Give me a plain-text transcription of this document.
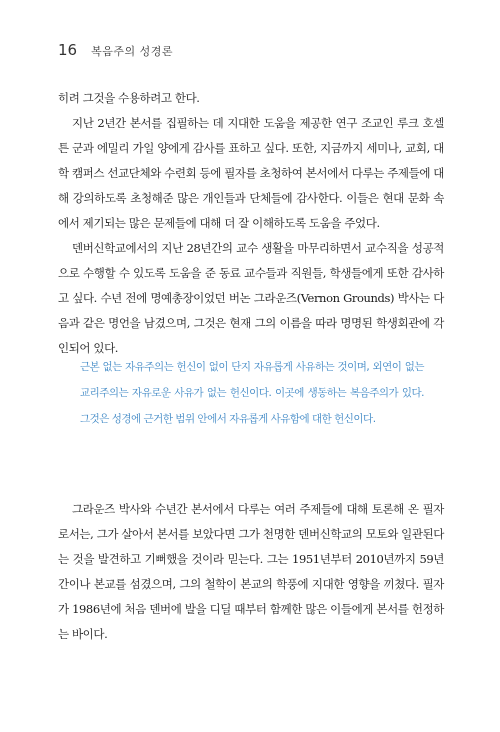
16 복음주의 성경론

히려 그것을 수용하려고 한다.

지난 2년간 본서를 집필하는 데 지대한 도움을 제공한 연구 조교인 루크 호셀튼 군과 에밀리 가일 양에게 감사를 표하고 싶다. 또한, 지금까지 세미나, 교회, 대학 캠퍼스 선교단체와 수련회 등에 필자를 초청하여 본서에서 다루는 주제들에 대해 강의하도록 초청해준 많은 개인들과 단체들에 감사한다. 이들은 현대 문화 속에서 제기되는 많은 문제들에 대해 더 잘 이해하도록 도움을 주었다.

덴버신학교에서의 지난 28년간의 교수 생활을 마무리하면서 교수직을 성공적으로 수행할 수 있도록 도움을 준 동료 교수들과 직원들, 학생들에게 또한 감사하고 싶다. 수년 전에 명예총장이었던 버논 그라운즈(Vernon Grounds) 박사는 다음과 같은 명언을 남겼으며, 그것은 현재 그의 이름을 따라 명명된 학생회관에 각인되어 있다.

근본 없는 자유주의는 헌신이 없이 단지 자유롭게 사유하는 것이며, 외연이 없는 교리주의는 자유로운 사유가 없는 헌신이다. 이곳에 생동하는 복음주의가 있다. 그것은 성경에 근거한 범위 안에서 자유롭게 사유함에 대한 헌신이다.

그라운즈 박사와 수년간 본서에서 다루는 여러 주제들에 대해 토론해 온 필자로서는, 그가 살아서 본서를 보았다면 그가 천명한 덴버신학교의 모토와 일관된다는 것을 발견하고 기뻐했을 것이라 믿는다. 그는 1951년부터 2010년까지 59년간이나 본교를 섬겼으며, 그의 철학이 본교의 학풍에 지대한 영향을 끼쳤다. 필자가 1986년에 처음 덴버에 발을 디딜 때부터 함께한 많은 이들에게 본서를 헌정하는 바이다.
